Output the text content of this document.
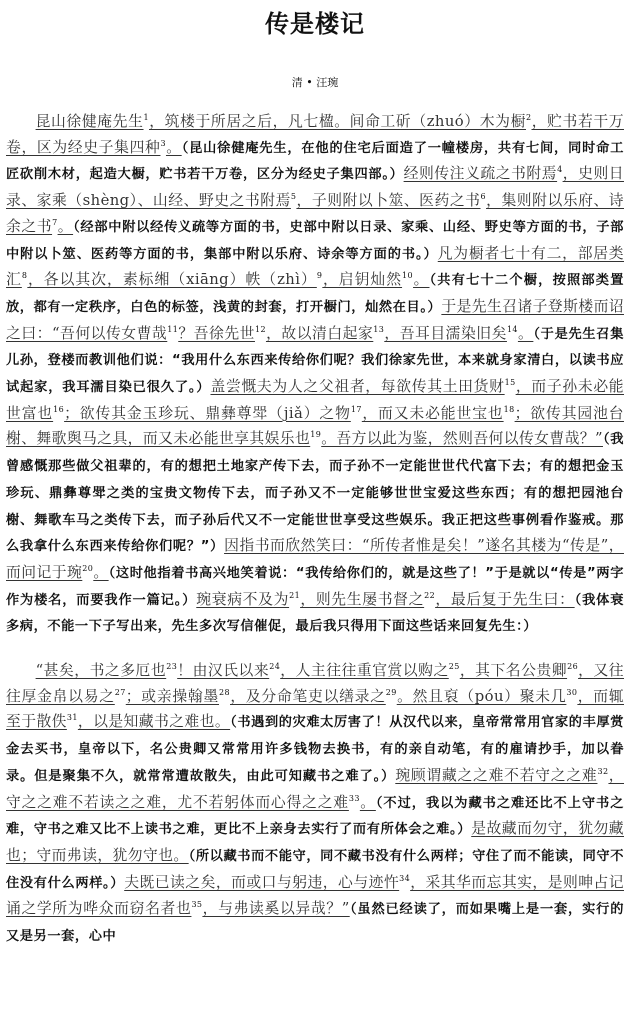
传是楼记
清 • 汪琬

昆山徐健庵先生$^1$，筑楼于所居之后，凡七楹。间命工斫（zhuó）木为橱$^2$，贮书若干万卷，区为经史子集四种$^3$。（昆山徐健庵先生，在他的住宅后面造了一幢楼房，共有七间，同时命工匠砍削木材，起造大橱，贮书若干万卷，区分为经史子集四部。）经则传注义疏之书附焉$^4$，史则日录、家乘（shèng）、山经、野史之书附焉$^5$，子则附以卜筮、医药之书$^6$，集则附以乐府、诗余之书$^7$。（经部中附以经传义疏等方面的书，史部中附以日录、家乘、山经、野史等方面的书，子部中附以卜筮、医药等方面的书，集部中附以乐府、诗余等方面的书。）凡为橱者七十有二，部居类汇$^8$，各以其次，素标缃（xiāng）帙（zhì）$^9$，启钥灿然$^{10}$。（共有七十二个橱，按照部类置放，都有一定秩序，白色的标签，浅黄的封套，打开橱门，灿然在目。）于是先生召诸子登斯楼而诏之曰：“吾何以传女曹哉$^{11}$？吾徐先世$^{12}$，故以清白起家$^{13}$，吾耳目濡染旧矣$^{14}$。（于是先生召集儿孙，登楼而教训他们说：“我用什么东西来传给你们呢？我们徐家先世，本来就身家清白，以读书应试起家，我耳濡目染已很久了。）盖尝慨夫为人之父祖者，每欲传其土田货财$^{15}$，而子孙未必能世富也$^{16}$；欲传其金玉珍玩、鼎彝尊斝（jiǎ）之物$^{17}$，而又未必能世宝也$^{18}$；欲传其园池台榭、舞歌舆马之具，而又未必能世享其娱乐也$^{19}$。吾方以此为鉴，然则吾何以传女曹哉？”（我曾感慨那些做父祖辈的，有的想把土地家产传下去，而子孙不一定能世世代代富下去；有的想把金玉珍玩、鼎彝尊斝之类的宝贵文物传下去，而子孙又不一定能够世世宝爱这些东西；有的想把园池台榭、舞歌车马之类传下去，而子孙后代又不一定能世世享受这些娱乐。我正把这些事例看作鉴戒。那么我拿什么东西来传给你们呢？”）因指书而欣然笑曰：“所传者惟是矣！”遂名其楼为“传是”，而问记于琬$^{20}$。（这时他指着书高兴地笑着说：“我传给你们的，就是这些了！”于是就以“传是”两字作为楼名，而要我作一篇记。）琬衰病不及为$^{21}$，则先生屡书督之$^{22}$，最后复于先生曰：（我体衰多病，不能一下子写出来，先生多次写信催促，最后我只得用下面这些话来回复先生：）

“甚矣，书之多厄也$^{23}$！由汉氏以来$^{24}$，人主往往重官赏以购之$^{25}$，其下名公贵卿$^{26}$，又往往厚金帛以易之$^{27}$；或亲操翰墨$^{28}$，及分命笔吏以缮录之$^{29}$。然且裒（póu）聚未几$^{30}$，而辄至于散佚$^{31}$，以是知藏书之难也。（书遇到的灾难太厉害了！从汉代以来，皇帝常常用官家的丰厚赏金去买书，皇帝以下，名公贵卿又常常用许多钱物去换书，有的亲自动笔，有的雇请抄手，加以眷录。但是聚集不久，就常常遭故散失，由此可知藏书之难了。）琬顾谓藏之之难不若守之之难$^{32}$，守之之难不若读之之难，尤不若躬体而心得之之难$^{33}$。（不过，我以为藏书之难还比不上守书之难，守书之难又比不上读书之难，更比不上亲身去实行了而有所体会之难。）是故藏而勿守，犹勿藏也；守而弗读，犹勿守也。（所以藏书而不能守，同不藏书没有什么两样；守住了而不能读，同守不住没有什么两样。）夫既已读之矣，而或口与躬违，心与迹忤$^{34}$，采其华而忘其实，是则呻占记诵之学所为哗众而窃名者也$^{35}$，与弗读奚以异哉？”（虽然已经读了，而如果嘴上是一套，实行的又是另一套，心中
